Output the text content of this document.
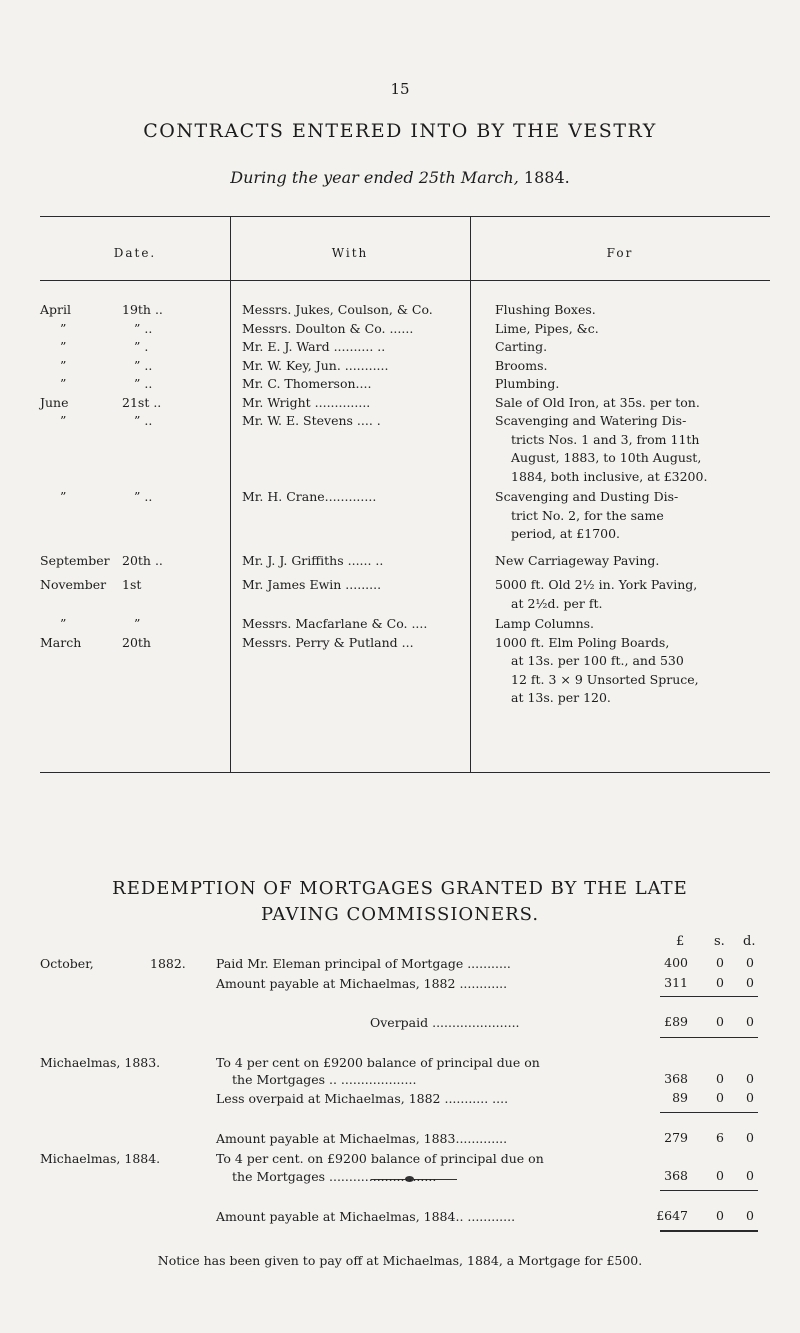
15
CONTRACTS ENTERED INTO BY THE VESTRY
During the year ended 25th March, 1884.
Date.	With	For
April	19th ..	Messrs. Jukes, Coulson, & Co.	Flushing Boxes.
”	” ..	Messrs. Doulton & Co. ......	Lime, Pipes, &c.
”	” .	Mr. E. J. Ward .......... ..	Carting.
”	” ..	Mr. W. Key, Jun. ...........	Brooms.
”	” ..	Mr. C. Thomerson....	Plumbing.
June	21st ..	Mr. Wright ..............	Sale of Old Iron, at 35s. per ton.
”	” ..	Mr. W. E. Stevens .... .	Scavenging and Watering Dis-
tricts Nos. 1 and 3, from 11th
August, 1883, to 10th August,
1884, both inclusive, at £3200.
”	” ..	Mr. H. Crane.............	Scavenging and Dusting Dis-
trict No. 2, for the same
period, at £1700.
September 20th ..	Mr. J. J. Griffiths ...... ..	New Carriageway Paving.
November	1st	Mr. James Ewin .........	5000 ft. Old 2½ in. York Paving,
at 2½d. per ft.
”	”	Messrs. Macfarlane & Co. ....	Lamp Columns.
March	20th	Messrs. Perry & Putland ...	1000 ft. Elm Poling Boards,
at 13s. per 100 ft., and 530
12 ft. 3 × 9 Unsorted Spruce,
at 13s. per 120.
REDEMPTION OF MORTGAGES GRANTED BY THE LATE
PAVING COMMISSIONERS.
£ s. d.
October,	1882. Paid Mr. Eleman principal of Mortgage ...........	400	0	0
Amount payable at Michaelmas, 1882 ............	311	0	0
Overpaid ......................	£89	0	0
Michaelmas, 1883.	To 4 per cent on £9200 balance of principal due on
the Mortgages .. ...................	368	0	0
Less overpaid at Michaelmas, 1882 ........... ....	89	0	0
Amount payable at Michaelmas, 1883.............	279	6	0
Michaelmas, 1884.	To 4 per cent. on £9200 balance of principal due on
the Mortgages ...........................	368	0	0
Amount payable at Michaelmas, 1884.. ............	£647	0	0
Notice has been given to pay off at Michaelmas, 1884, a Mortgage for £500.
